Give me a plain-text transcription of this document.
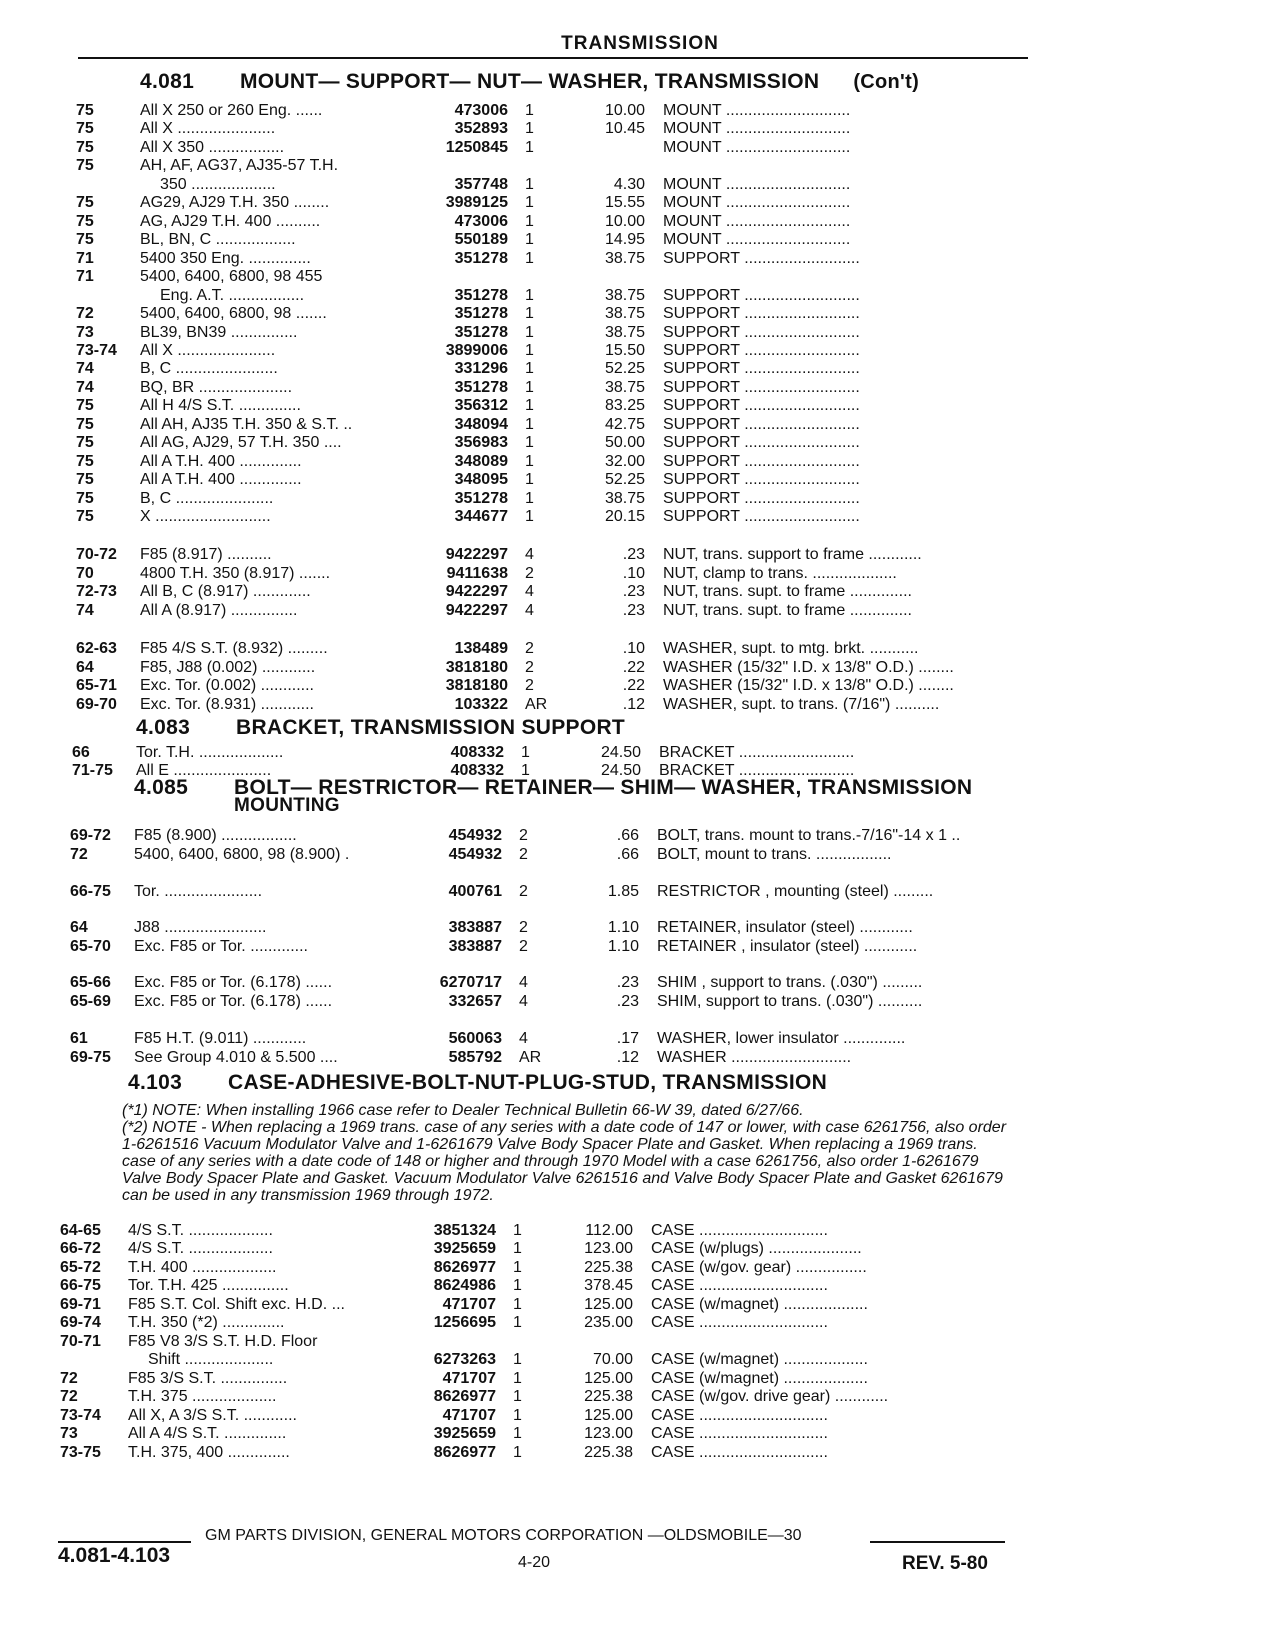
TRANSMISSION
4.081 MOUNT— SUPPORT— NUT— WASHER, TRANSMISSION (Con't)
75	All X 250 or 260 Eng. ......	473006 1	10.00 MOUNT ............................
75	All X ......................	352893 1	10.45 MOUNT ............................
75	All X 350 .................	1250845 1	MOUNT ............................
75	AH, AF, AG37, AJ35-57 T.H.
350 ...................	357748 1	4.30 MOUNT ............................
75	AG29, AJ29 T.H. 350 ........	3989125 1	15.55 MOUNT ............................
75	AG, AJ29 T.H. 400 ..........	473006 1	10.00 MOUNT ............................
75	BL, BN, C ..................	550189 1	14.95 MOUNT ............................
71	5400 350 Eng. ..............	351278 1	38.75 SUPPORT ..........................
71	5400, 6400, 6800, 98 455
Eng. A.T. .................	351278 1	38.75 SUPPORT ..........................
72	5400, 6400, 6800, 98 .......	351278 1	38.75 SUPPORT ..........................
73	BL39, BN39 ...............	351278 1	38.75 SUPPORT ..........................
73-74 All X ......................	3899006 1	15.50 SUPPORT ..........................
74	B, C .......................	331296 1	52.25 SUPPORT ..........................
74	BQ, BR .....................	351278 1	38.75 SUPPORT ..........................
75	All H 4/S S.T. ..............	356312 1	83.25 SUPPORT ..........................
75	All AH, AJ35 T.H. 350 & S.T. ..	348094 1	42.75 SUPPORT ..........................
75	All AG, AJ29, 57 T.H. 350 ....	356983 1	50.00 SUPPORT ..........................
75	All A T.H. 400 ..............	348089 1	32.00 SUPPORT ..........................
75	All A T.H. 400 ..............	348095 1	52.25 SUPPORT ..........................
75	B, C ......................	351278 1	38.75 SUPPORT ..........................
75	X ..........................	344677 1	20.15 SUPPORT ..........................
70-72 F85 (8.917) ..........	9422297 4	.23 NUT, trans. support to frame ............
70	4800 T.H. 350 (8.917) .......	9411638 2	.10 NUT, clamp to trans. ...................
72-73 All B, C (8.917) .............	9422297 4	.23 NUT, trans. supt. to frame ..............
74	All A (8.917) ...............	9422297 4	.23 NUT, trans. supt. to frame ..............
62-63 F85 4/S S.T. (8.932) .........	138489 2	.10 WASHER, supt. to mtg. brkt. ...........
64	F85, J88 (0.002) ............	3818180 2	.22 WASHER (15/32" I.D. x 13/8" O.D.) ........
65-71 Exc. Tor. (0.002) ............	3818180 2	.22 WASHER (15/32" I.D. x 13/8" O.D.) ........
69-70 Exc. Tor. (8.931) ............	103322 AR	.12 WASHER, supt. to trans. (7/16") ..........
4.083 BRACKET, TRANSMISSION SUPPORT
66	Tor. T.H. ...................	408332 1	24.50 BRACKET ..........................
71-75 All E ......................	408332 1	24.50 BRACKET ..........................
4.085 BOLT— RESTRICTOR— RETAINER— SHIM— WASHER, TRANSMISSION
MOUNTING
69-72 F85 (8.900) .................	454932 2	.66 BOLT, trans. mount to trans.-7/16"-14 x 1 ..
72	5400, 6400, 6800, 98 (8.900) .	454932 2	.66 BOLT, mount to trans. .................
66-75 Tor. ......................	400761 2	1.85 RESTRICTOR , mounting (steel) .........
64	J88 .......................	383887 2	1.10 RETAINER, insulator (steel) ............
65-70 Exc. F85 or Tor. .............	383887 2	1.10 RETAINER , insulator (steel) ............
65-66 Exc. F85 or Tor. (6.178) ......	6270717 4	.23 SHIM , support to trans. (.030") .........
65-69 Exc. F85 or Tor. (6.178) ......	332657 4	.23 SHIM, support to trans. (.030") ..........
61	F85 H.T. (9.011) ............	560063 4	.17 WASHER, lower insulator ..............
69-75 See Group 4.010 & 5.500 ....	585792 AR	.12 WASHER ...........................
4.103 CASE-ADHESIVE-BOLT-NUT-PLUG-STUD, TRANSMISSION
(*1) NOTE: When installing 1966 case refer to Dealer Technical Bulletin 66-W 39, dated 6/27/66.
(*2) NOTE - When replacing a 1969 trans. case of any series with a date code of 147 or lower, with case 6261756, also order 1-6261516 Vacuum Modulator Valve and 1-6261679 Valve Body Spacer Plate and Gasket. When replacing a 1969 trans. case of any series with a date code of 148 or higher and through 1970 Model with a case 6261756, also order 1-6261679 Valve Body Spacer Plate and Gasket. Vacuum Modulator Valve 6261516 and Valve Body Spacer Plate and Gasket 6261679 can be used in any transmission 1969 through 1972.
64-65 4/S S.T. ...................	3851324 1	112.00 CASE .............................
66-72 4/S S.T. ...................	3925659 1	123.00 CASE (w/plugs) .....................
65-72 T.H. 400 ...................	8626977 1	225.38 CASE (w/gov. gear) ................
66-75 Tor. T.H. 425 ...............	8624986 1	378.45 CASE .............................
69-71 F85 S.T. Col. Shift exc. H.D. ...	471707 1	125.00 CASE (w/magnet) ...................
69-74 T.H. 350 (*2) ..............	1256695 1	235.00 CASE .............................
70-71 F85 V8 3/S S.T. H.D. Floor
Shift ....................	6273263 1	70.00 CASE (w/magnet) ...................
72	F85 3/S S.T. ...............	471707 1	125.00 CASE (w/magnet) ...................
72	T.H. 375 ...................	8626977 1	225.38 CASE (w/gov. drive gear) ............
73-74 All X, A 3/S S.T. ............	471707 1	125.00 CASE .............................
73	All A 4/S S.T. ..............	3925659 1	123.00 CASE .............................
73-75 T.H. 375, 400 ..............	8626977 1	225.38 CASE .............................
GM PARTS DIVISION, GENERAL MOTORS CORPORATION —OLDSMOBILE—30
4.081-4.103	4-20	REV. 5-80
